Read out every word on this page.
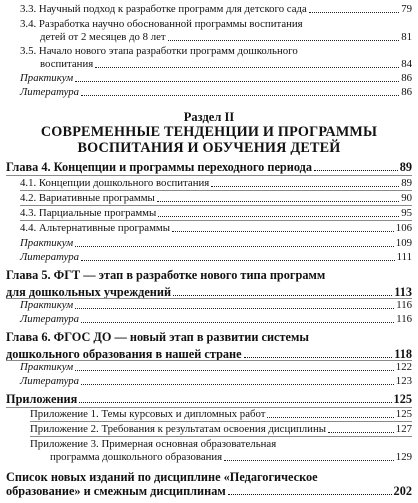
3.3. Научный подход к разработке программ для детского сада	79
3.4. Разработка научно обоснованной программы воспитания
детей от 2 месяцев до 8 лет	81
3.5. Начало нового этапа разработки программ дошкольного
воспитания	84
Практикум	86
Литература	86
Раздел II
СОВРЕМЕННЫЕ ТЕНДЕНЦИИ И ПРОГРАММЫ
ВОСПИТАНИЯ И ОБУЧЕНИЯ ДЕТЕЙ
Глава 4. Концепции и программы переходного периода	89
4.1. Концепции дошкольного воспитания	89
4.2. Вариативные программы	90
4.3. Парциальные программы	95
4.4. Альтернативные программы	106
Практикум	109
Литература	111
Глава 5. ФГТ — этап в разработке нового типа программ
для дошкольных учреждений	113
Практикум	116
Литература	116
Глава 6. ФГОС ДО — новый этап в развитии системы
дошкольного образования в нашей стране	118
Практикум	122
Литература	123
Приложения	125
Приложение 1. Темы курсовых и дипломных работ	125
Приложение 2. Требования к результатам освоения дисциплины	127
Приложение 3. Примерная основная образовательная
программа дошкольного образования	129
Список новых изданий по дисциплине «Педагогическое
образование» и смежным дисциплинам	202
